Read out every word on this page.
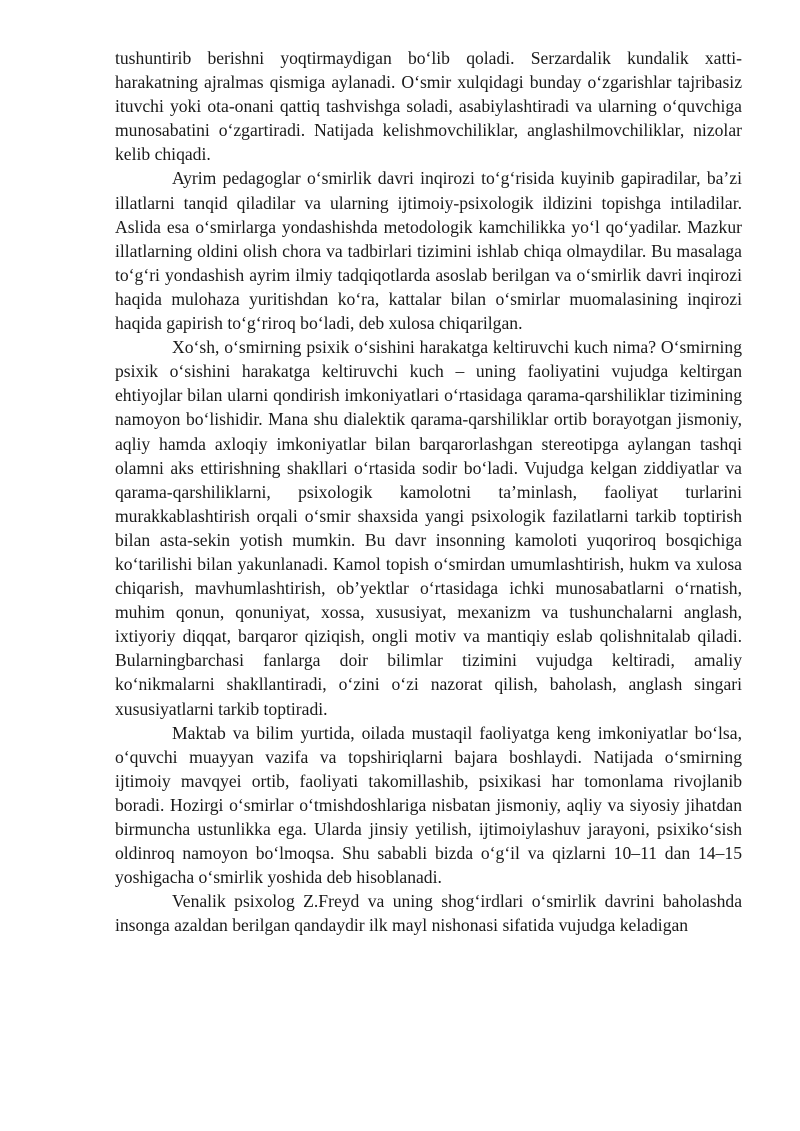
tushuntirib berishni yoqtirmaydigan bo‘lib qoladi. Serzardalik kundalik xatti-harakatning ajralmas qismiga aylanadi. O‘smir xulqidagi bunday o‘zgarishlar tajribasiz ituvchi yoki ota-onani qattiq tashvishga soladi, asabiylashtiradi va ularning o‘quvchiga munosabatini o‘zgartiradi. Natijada kelishmovchiliklar, anglashilmovchiliklar, nizolar kelib chiqadi.

Ayrim pedagoglar o‘smirlik davri inqirozi to‘g‘risida kuyinib gapiradilar, ba’zi illatlarni tanqid qiladilar va ularning ijtimoiy-psixologik ildizini topishga intiladilar. Aslida esa o‘smirlarga yondashishda metodologik kamchilikka yo‘l qo‘yadilar. Mazkur illatlarning oldini olish chora va tadbirlari tizimini ishlab chiqa olmaydilar. Bu masalaga to‘g‘ri yondashish ayrim ilmiy tadqiqotlarda asoslab berilgan va o‘smirlik davri inqirozi haqida mulohaza yuritishdan ko‘ra, kattalar bilan o‘smirlar muomalasining inqirozi haqida gapirish to‘g‘riroq bo‘ladi, deb xulosa chiqarilgan.

Xo‘sh, o‘smirning psixik o‘sishini harakatga keltiruvchi kuch nima? O‘smirning psixik o‘sishini harakatga keltiruvchi kuch – uning faoliyatini vujudga keltirgan ehtiyojlar bilan ularni qondirish imkoniyatlari o‘rtasidaga qarama-qarshiliklar tizimining namoyon bo‘lishidir. Mana shu dialektik qarama-qarshiliklar ortib borayotgan jismoniy, aqliy hamda axloqiy imkoniyatlar bilan barqarorlashgan stereotipga aylangan tashqi olamni aks ettirishning shakllari o‘rtasida sodir bo‘ladi. Vujudga kelgan ziddiyatlar va qarama-qarshiliklarni, psixologik kamolotni ta’minlash, faoliyat turlarini murakkablashtirish orqali o‘smir shaxsida yangi psixologik fazilatlarni tarkib toptirish bilan asta-sekin yotish mumkin. Bu davr insonning kamoloti yuqoriroq bosqichiga ko‘tarilishi bilan yakunlanadi. Kamol topish o‘smirdan umumlashtirish, hukm va xulosa chiqarish, mavhumlashtirish, ob’yektlar o‘rtasidaga ichki munosabatlarni o‘rnatish, muhim qonun, qonuniyat, xossa, xususiyat, mexanizm va tushunchalarni anglash, ixtiyoriy diqqat, barqaror qiziqish, ongli motiv va mantiqiy eslab qolishnitalab qiladi. Bularningbarchasi fanlarga doir bilimlar tizimini vujudga keltiradi, amaliy ko‘nikmalarni shakllantiradi, o‘zini o‘zi nazorat qilish, baholash, anglash singari xususiyatlarni tarkib toptiradi.

Maktab va bilim yurtida, oilada mustaqil faoliyatga keng imkoniyatlar bo‘lsa, o‘quvchi muayyan vazifa va topshiriqlarni bajara boshlaydi. Natijada o‘smirning ijtimoiy mavqyei ortib, faoliyati takomillashib, psixikasi har tomonlama rivojlanib boradi. Hozirgi o‘smirlar o‘tmishdoshlariga nisbatan jismoniy, aqliy va siyosiy jihatdan birmuncha ustunlikka ega. Ularda jinsiy yetilish, ijtimoiylashuv jarayoni, psixiko‘sish oldinroq namoyon bo‘lmoqsa. Shu sababli bizda o‘g‘il va qizlarni 10–11 dan 14–15 yoshigacha o‘smirlik yoshida deb hisoblanadi.

Venalik psixolog Z.Freyd va uning shog‘irdlari o‘smirlik davrini baholashda insonga azaldan berilgan qandaydir ilk mayl nishonasi sifatida vujudga keladigan
